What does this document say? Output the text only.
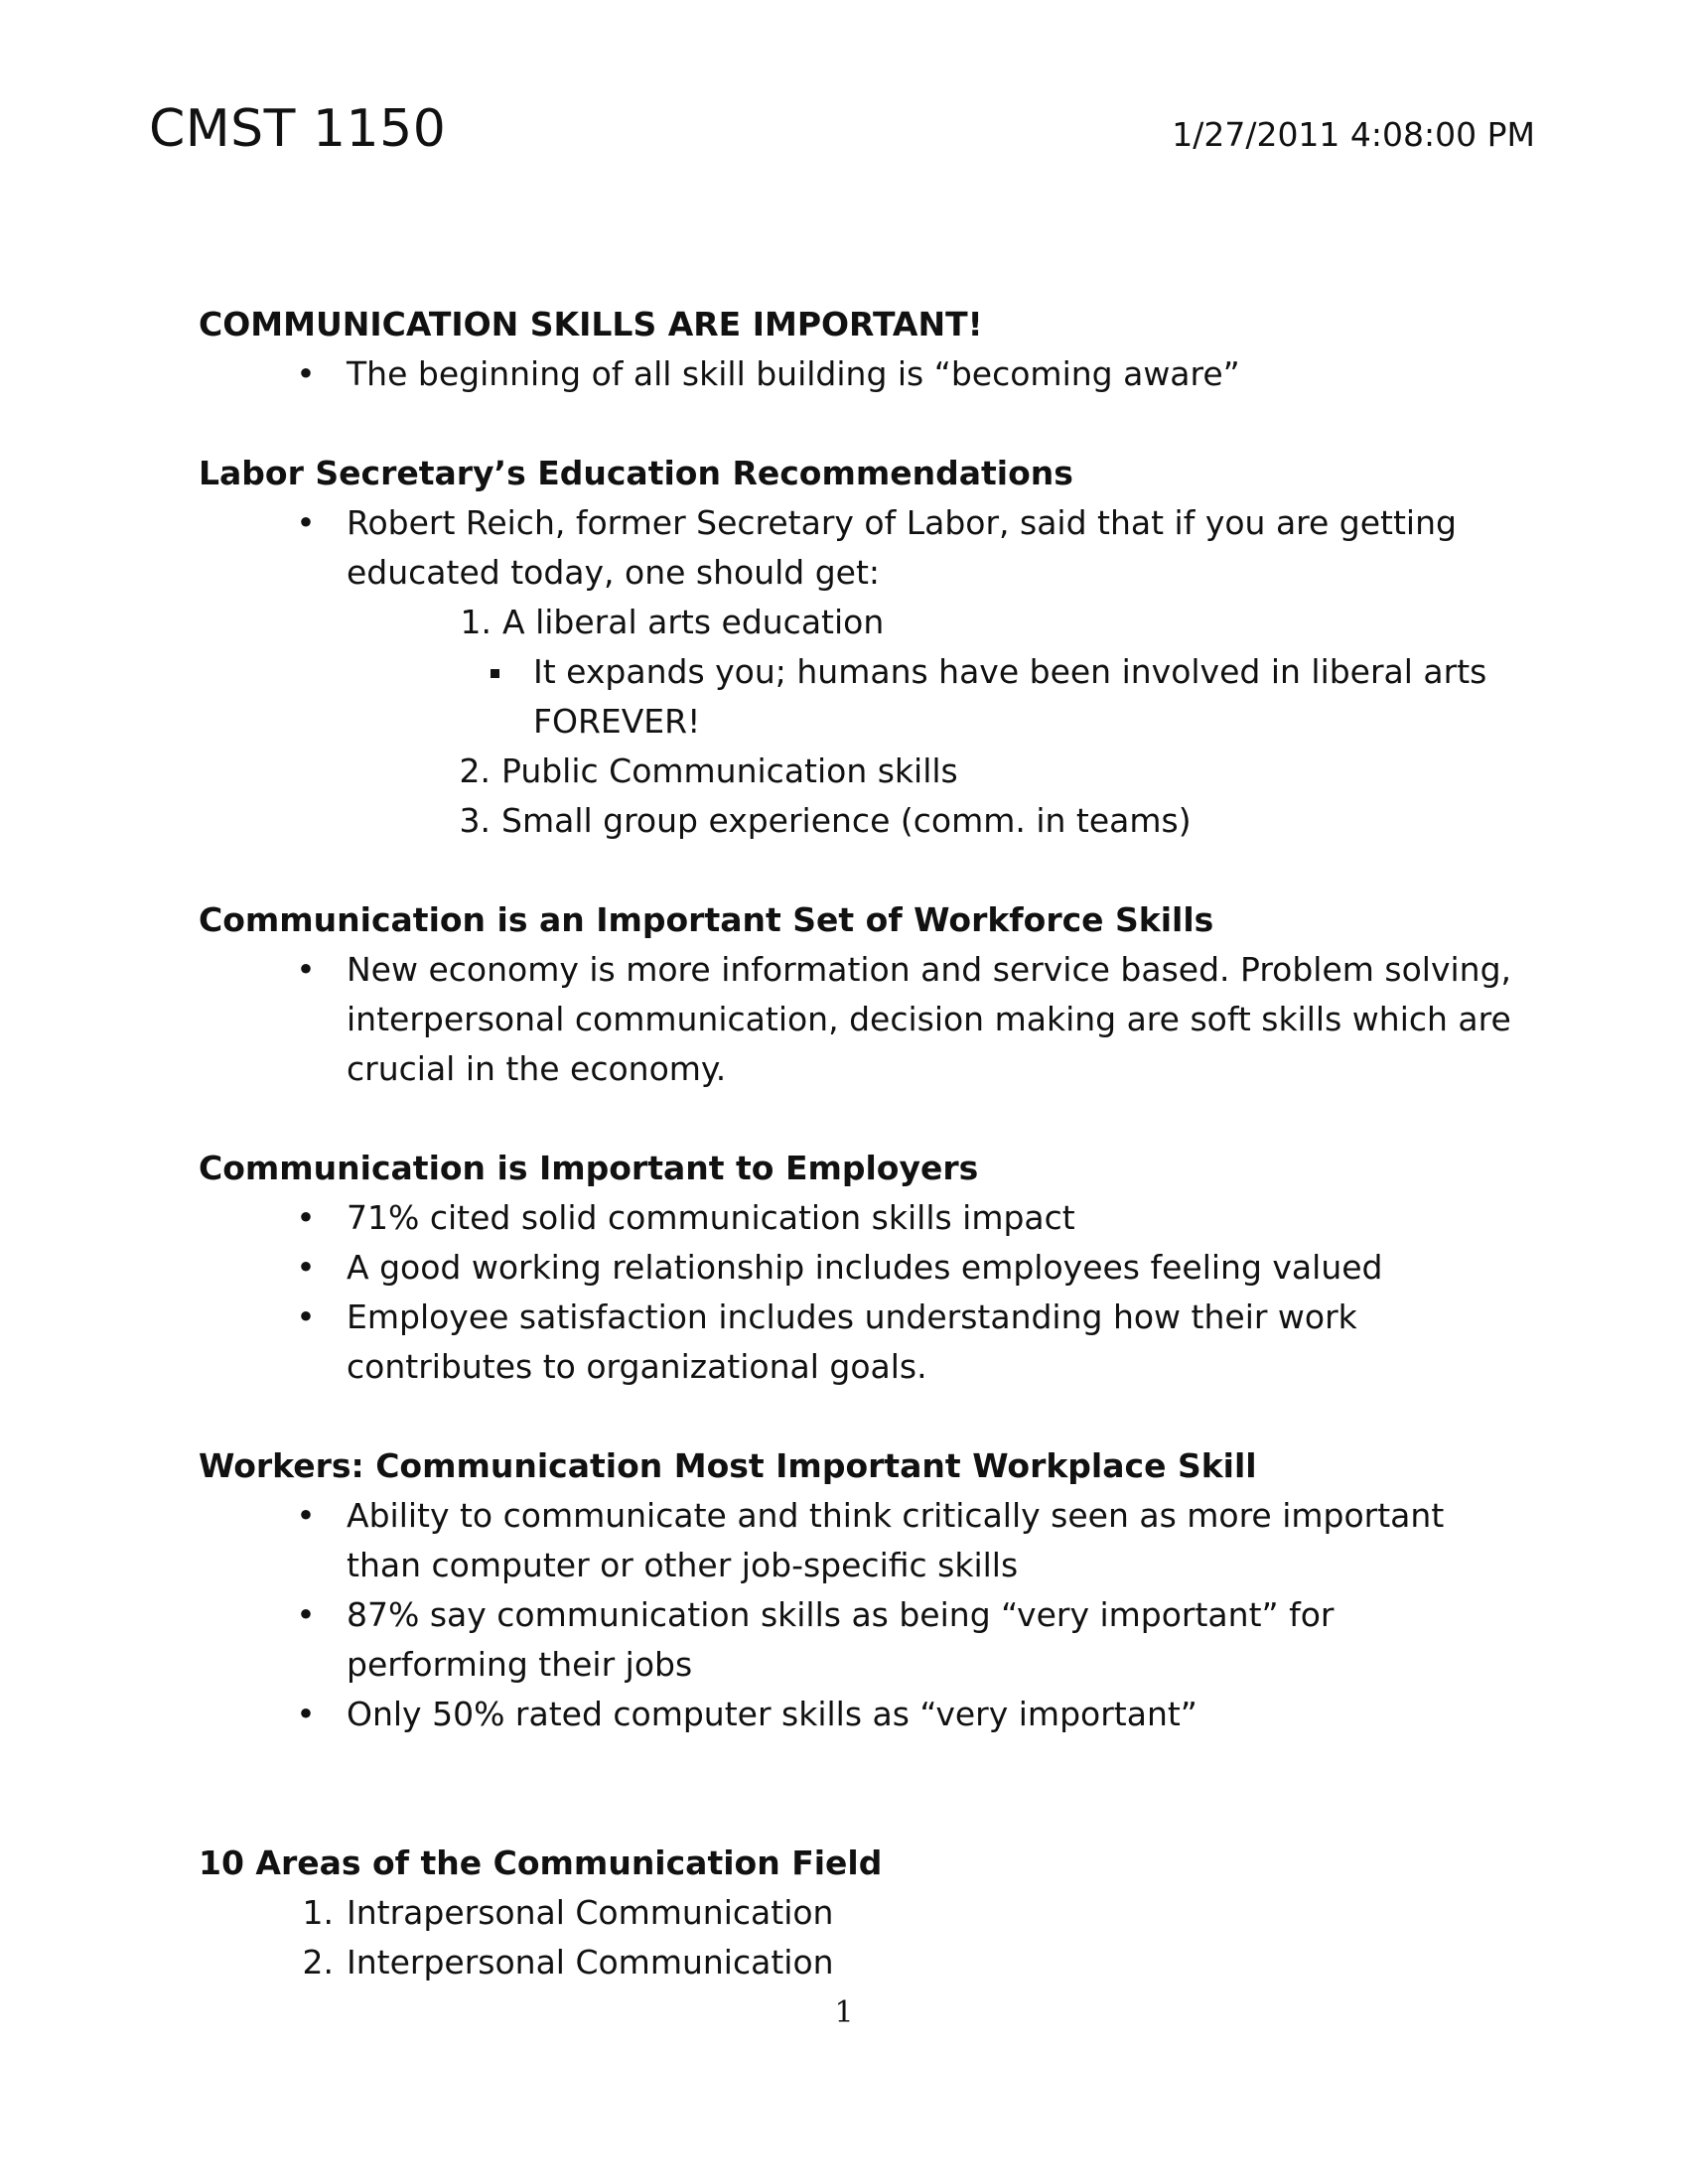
CMST 1150	1/27/2011 4:08:00 PM
COMMUNICATION SKILLS ARE IMPORTANT!
• The beginning of all skill building is “becoming aware”
Labor Secretary’s Education Recommendations
• Robert Reich, former Secretary of Labor, said that if you are getting educated today, one should get:
1. A liberal arts education
It expands you; humans have been involved in liberal arts FOREVER!
2. Public Communication skills
3. Small group experience (comm. in teams)
Communication is an Important Set of Workforce Skills
• New economy is more information and service based. Problem solving, interpersonal communication, decision making are soft skills which are crucial in the economy.
Communication is Important to Employers
• 71% cited solid communication skills impact
• A good working relationship includes employees feeling valued
• Employee satisfaction includes understanding how their work contributes to organizational goals.
Workers: Communication Most Important Workplace Skill
• Ability to communicate and think critically seen as more important than computer or other job-specific skills
• 87% say communication skills as being “very important” for performing their jobs
• Only 50% rated computer skills as “very important”
10 Areas of the Communication Field
1. Intrapersonal Communication
2. Interpersonal Communication
1
